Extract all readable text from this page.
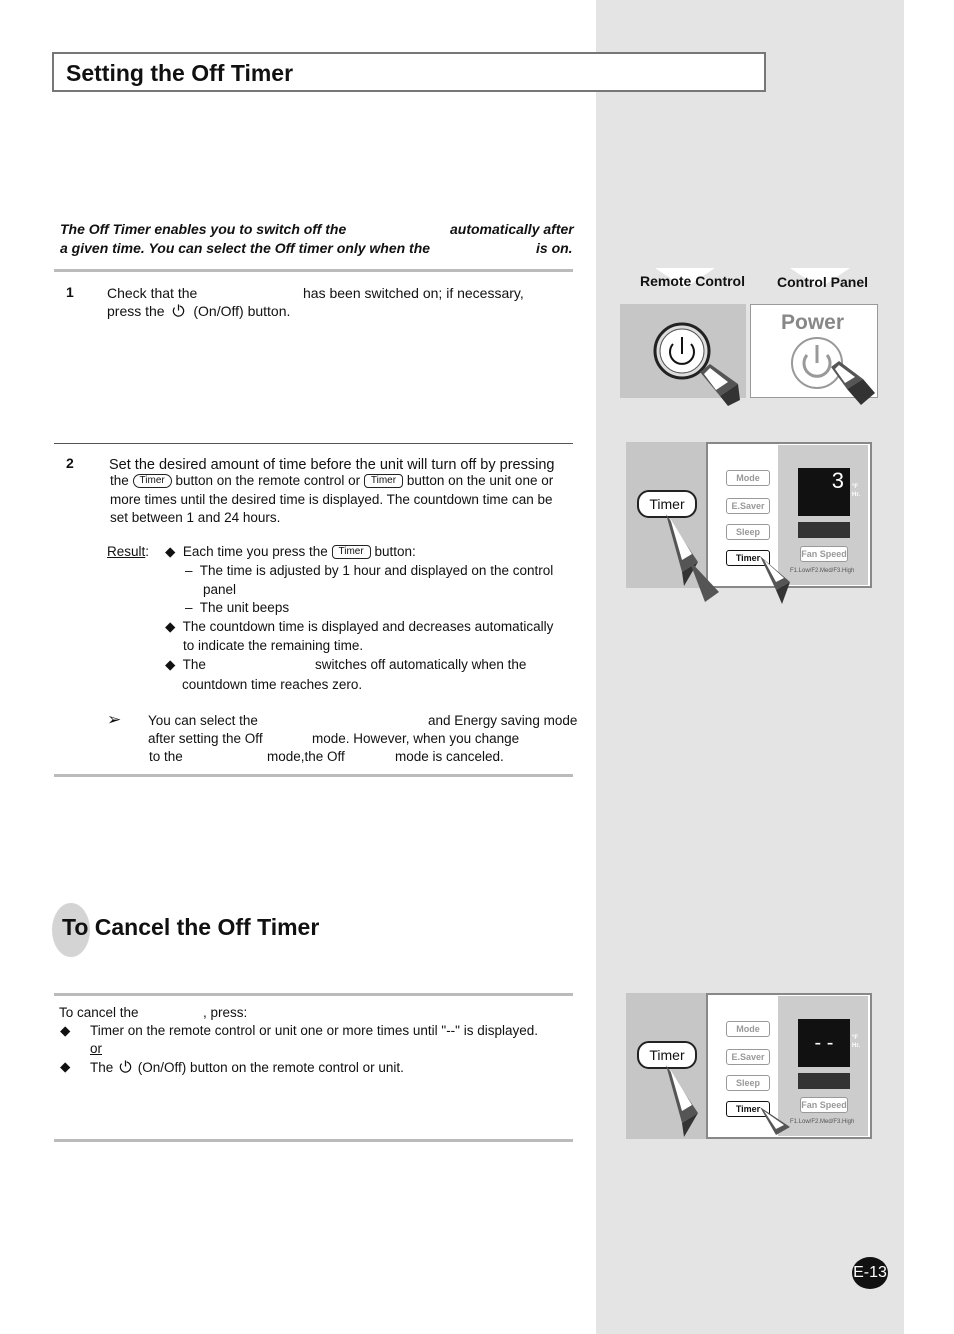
Setting the Off Timer
The Off Timer enables you to switch off the	automatically after
a given time. You can select the Off timer only when the	is on.
1 Check that the	has been switched on; if necessary,
press the (On/Off) button.
2 Set the desired amount of time before the unit will turn off by pressing
the Timer button on the remote control or Timer button on the unit one or
more times until the desired time is displayed. The countdown time can be
set between 1 and 24 hours.
Result: ◆ Each time you press the Timer button:
–  The time is adjusted by 1 hour and displayed on the control
panel
–  The unit beeps
◆ The countdown time is displayed and decreases automatically
to indicate the remaining time.
◆ The	switches off automatically when the
countdown time reaches zero.
➢ You can select the	and Energy saving mode
after setting the Off	mode. However, when you change
to the	mode,the Off	mode is canceled.
To Cancel the Off Timer
To cancel the	, press:
◆ Timer on the remote control or unit one or more times until "--" is displayed.
or
◆ The (On/Off) button on the remote control or unit.
Remote Control Control Panel
Power
Timer
Mode
E.Saver
Sleep
Timer
3	°F
Hr.
Fan Speed
F1.Low/F2.Med/F3.High
Timer
Mode
E.Saver
Sleep
Timer
- -	°F
Hr.
Fan Speed
F1.Low/F2.Med/F3.High
E-13
